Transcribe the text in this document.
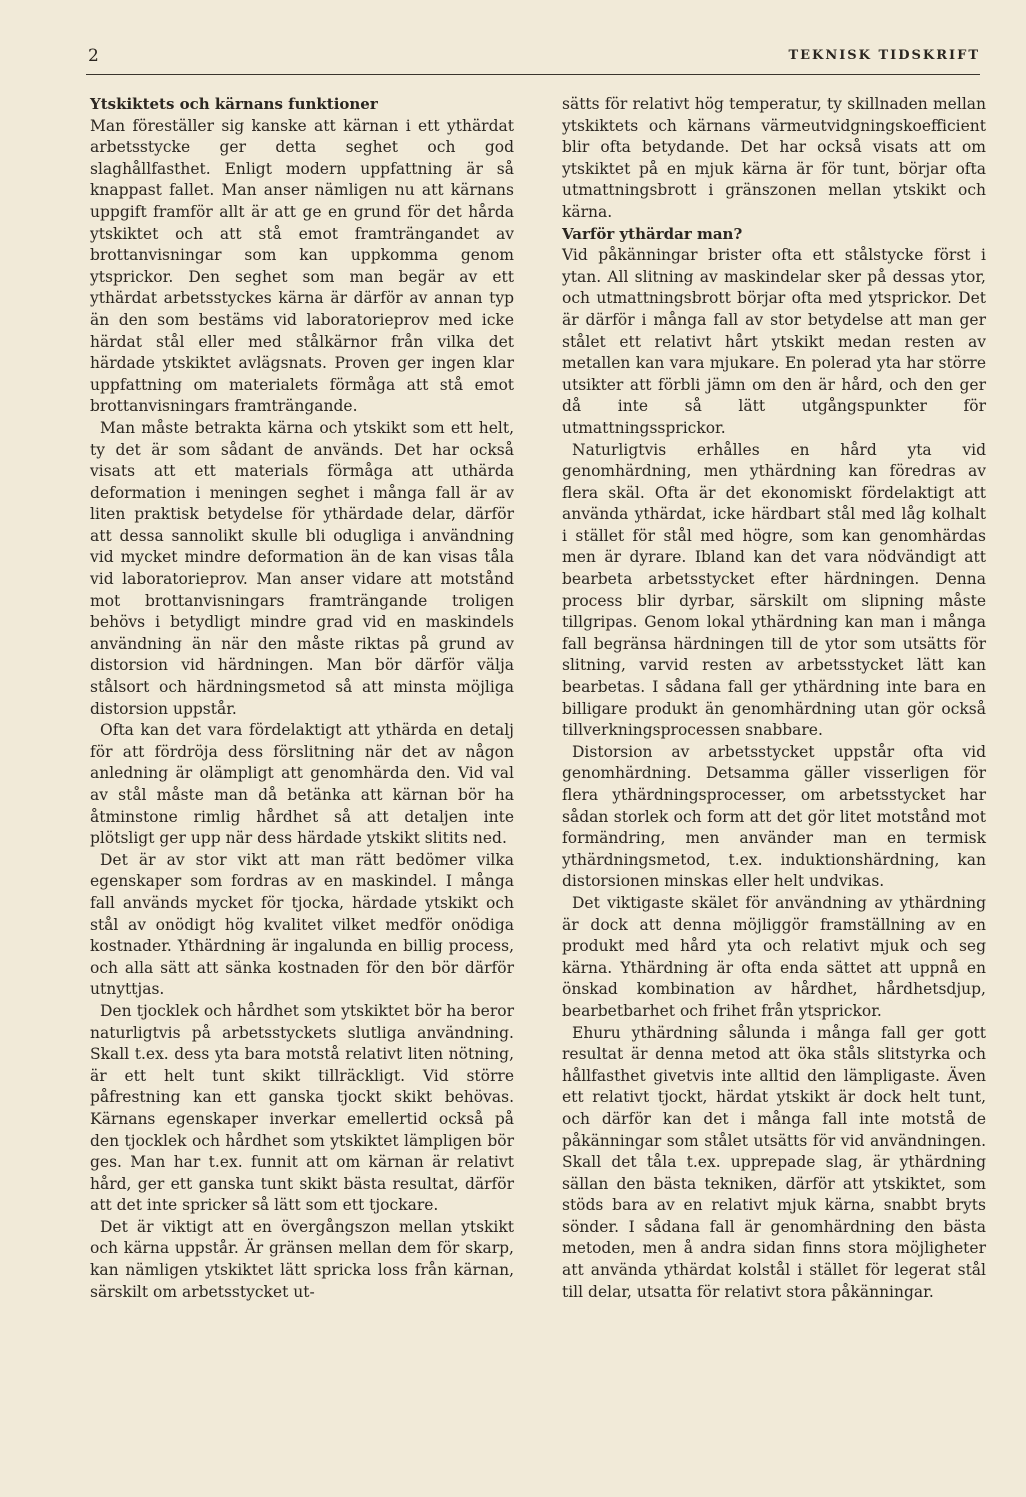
2	TEKNISK TIDSKRIFT

Ytskiktets och kärnans funktioner

Man föreställer sig kanske att kärnan i ett ythärdat arbetsstycke ger detta seghet och god slaghållfasthet. Enligt modern uppfattning är så knappast fallet. Man anser nämligen nu att kärnans uppgift framför allt är att ge en grund för det hårda ytskiktet och att stå emot framträngandet av brottanvisningar som kan uppkomma genom ytsprickor. Den seghet som man begär av ett ythärdat arbetsstyckes kärna är därför av annan typ än den som bestäms vid laboratorieprov med icke härdat stål eller med stålkärnor från vilka det härdade ytskiktet avlägsnats. Proven ger ingen klar uppfattning om materialets förmåga att stå emot brottanvisningars framträngande.

Man måste betrakta kärna och ytskikt som ett helt, ty det är som sådant de används. Det har också visats att ett materials förmåga att uthärda deformation i meningen seghet i många fall är av liten praktisk betydelse för ythärdade delar, därför att dessa sannolikt skulle bli odugliga i användning vid mycket mindre deformation än de kan visas tåla vid laboratorieprov. Man anser vidare att motstånd mot brottanvisningars framträngande troligen behövs i betydligt mindre grad vid en maskindels användning än när den måste riktas på grund av distorsion vid härdningen. Man bör därför välja stålsort och härdningsmetod så att minsta möjliga distorsion uppstår.

Ofta kan det vara fördelaktigt att ythärda en detalj för att fördröja dess förslitning när det av någon anledning är olämpligt att genomhärda den. Vid val av stål måste man då betänka att kärnan bör ha åtminstone rimlig hårdhet så att detaljen inte plötsligt ger upp när dess härdade ytskikt slitits ned.

Det är av stor vikt att man rätt bedömer vilka egenskaper som fordras av en maskindel. I många fall används mycket för tjocka, härdade ytskikt och stål av onödigt hög kvalitet vilket medför onödiga kostnader. Ythärdning är ingalunda en billig process, och alla sätt att sänka kostnaden för den bör därför utnyttjas.

Den tjocklek och hårdhet som ytskiktet bör ha beror naturligtvis på arbetsstyckets slutliga användning. Skall t.ex. dess yta bara motstå relativt liten nötning, är ett helt tunt skikt tillräckligt. Vid större påfrestning kan ett ganska tjockt skikt behövas. Kärnans egenskaper inverkar emellertid också på den tjocklek och hårdhet som ytskiktet lämpligen bör ges. Man har t.ex. funnit att om kärnan är relativt hård, ger ett ganska tunt skikt bästa resultat, därför att det inte spricker så lätt som ett tjockare.

Det är viktigt att en övergångszon mellan ytskikt och kärna uppstår. Är gränsen mellan dem för skarp, kan nämligen ytskiktet lätt spricka loss från kärnan, särskilt om arbetsstycket ut-

sätts för relativt hög temperatur, ty skillnaden mellan ytskiktets och kärnans värmeutvidgningskoefficient blir ofta betydande. Det har också visats att om ytskiktet på en mjuk kärna är för tunt, börjar ofta utmattningsbrott i gränszonen mellan ytskikt och kärna.

Varför ythärdar man?

Vid påkänningar brister ofta ett stålstycke först i ytan. All slitning av maskindelar sker på dessas ytor, och utmattningsbrott börjar ofta med ytsprickor. Det är därför i många fall av stor betydelse att man ger stålet ett relativt hårt ytskikt medan resten av metallen kan vara mjukare. En polerad yta har större utsikter att förbli jämn om den är hård, och den ger då inte så lätt utgångspunkter för utmattningssprickor.

Naturligtvis erhålles en hård yta vid genomhärdning, men ythärdning kan föredras av flera skäl. Ofta är det ekonomiskt fördelaktigt att använda ythärdat, icke härdbart stål med låg kolhalt i stället för stål med högre, som kan genomhärdas men är dyrare. Ibland kan det vara nödvändigt att bearbeta arbetsstycket efter härdningen. Denna process blir dyrbar, särskilt om slipning måste tillgripas. Genom lokal ythärdning kan man i många fall begränsa härdningen till de ytor som utsätts för slitning, varvid resten av arbetsstycket lätt kan bearbetas. I sådana fall ger ythärdning inte bara en billigare produkt än genomhärdning utan gör också tillverkningsprocessen snabbare.

Distorsion av arbetsstycket uppstår ofta vid genomhärdning. Detsamma gäller visserligen för flera ythärdningsprocesser, om arbetsstycket har sådan storlek och form att det gör litet motstånd mot formändring, men använder man en termisk ythärdningsmetod, t.ex. induktionshärdning, kan distorsionen minskas eller helt undvikas.

Det viktigaste skälet för användning av ythärdning är dock att denna möjliggör framställning av en produkt med hård yta och relativt mjuk och seg kärna. Ythärdning är ofta enda sättet att uppnå en önskad kombination av hårdhet, hårdhetsdjup, bearbetbarhet och frihet från ytsprickor.

Ehuru ythärdning sålunda i många fall ger gott resultat är denna metod att öka ståls slitstyrka och hållfasthet givetvis inte alltid den lämpligaste. Även ett relativt tjockt, härdat ytskikt är dock helt tunt, och därför kan det i många fall inte motstå de påkänningar som stålet utsätts för vid användningen. Skall det tåla t.ex. upprepade slag, är ythärdning sällan den bästa tekniken, därför att ytskiktet, som stöds bara av en relativt mjuk kärna, snabbt bryts sönder. I sådana fall är genomhärdning den bästa metoden, men å andra sidan finns stora möjligheter att använda ythärdat kolstål i stället för legerat stål till delar, utsatta för relativt stora påkänningar.
